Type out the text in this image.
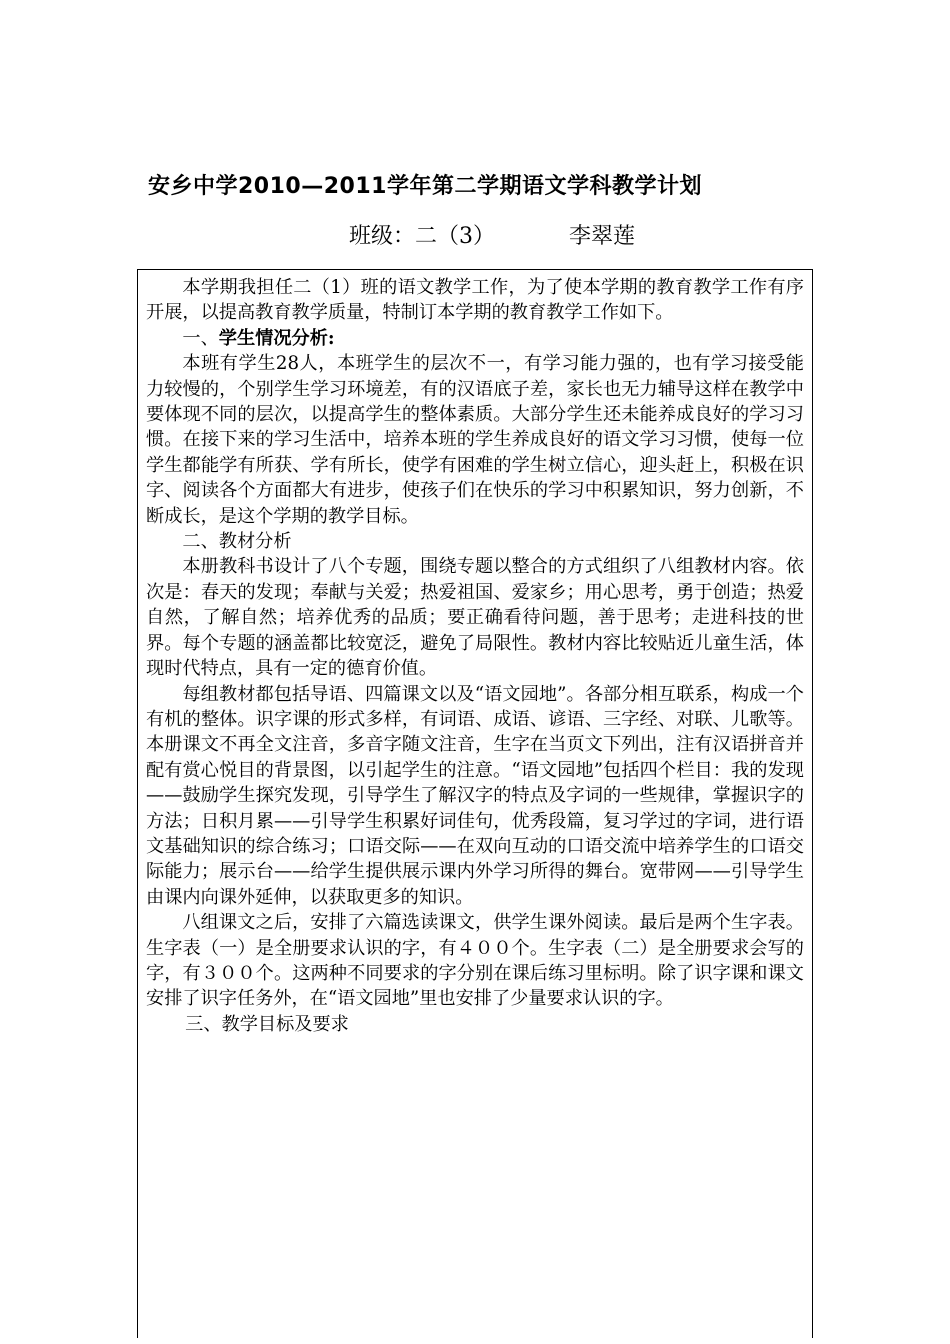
安乡中学2010—2011学年第二学期语文学科教学计划
班级：二（3）	李翠莲

本学期我担任二（1）班的语文教学工作，为了使本学期的教育教学工作有序开展，以提高教育教学质量，特制订本学期的教育教学工作如下。

一、学生情况分析:

本班有学生28人，本班学生的层次不一，有学习能力强的，也有学习接受能力较慢的，个别学生学习环境差，有的汉语底子差，家长也无力辅导这样在教学中要体现不同的层次，以提高学生的整体素质。大部分学生还未能养成良好的学习习惯。在接下来的学习生活中，培养本班的学生养成良好的语文学习习惯，使每一位学生都能学有所获、学有所长，使学有困难的学生树立信心，迎头赶上，积极在识字、阅读各个方面都大有进步，使孩子们在快乐的学习中积累知识，努力创新，不断成长，是这个学期的教学目标。

二、教材分析

本册教科书设计了八个专题，围绕专题以整合的方式组织了八组教材内容。依次是：春天的发现；奉献与关爱；热爱祖国、爱家乡；用心思考，勇于创造；热爱自然，了解自然；培养优秀的品质；要正确看待问题，善于思考；走进科技的世界。每个专题的涵盖都比较宽泛，避免了局限性。教材内容比较贴近儿童生活，体现时代特点，具有一定的德育价值。

每组教材都包括导语、四篇课文以及“语文园地”。各部分相互联系，构成一个有机的整体。识字课的形式多样，有词语、成语、谚语、三字经、对联、儿歌等。本册课文不再全文注音，多音字随文注音，生字在当页文下列出，注有汉语拼音并配有赏心悦目的背景图，以引起学生的注意。“语文园地”包括四个栏目：我的发现——鼓励学生探究发现，引导学生了解汉字的特点及字词的一些规律，掌握识字的方法；日积月累——引导学生积累好词佳句，优秀段篇，复习学过的字词，进行语文基础知识的综合练习；口语交际——在双向互动的口语交流中培养学生的口语交际能力；展示台——给学生提供展示课内外学习所得的舞台。宽带网——引导学生由课内向课外延伸，以获取更多的知识。

八组课文之后，安排了六篇选读课文，供学生课外阅读。最后是两个生字表。生字表（一）是全册要求认识的字，有４００个。生字表（二）是全册要求会写的字，有３００个。这两种不同要求的字分别在课后练习里标明。除了识字课和课文安排了识字任务外，在“语文园地”里也安排了少量要求认识的字。

三、教学目标及要求
